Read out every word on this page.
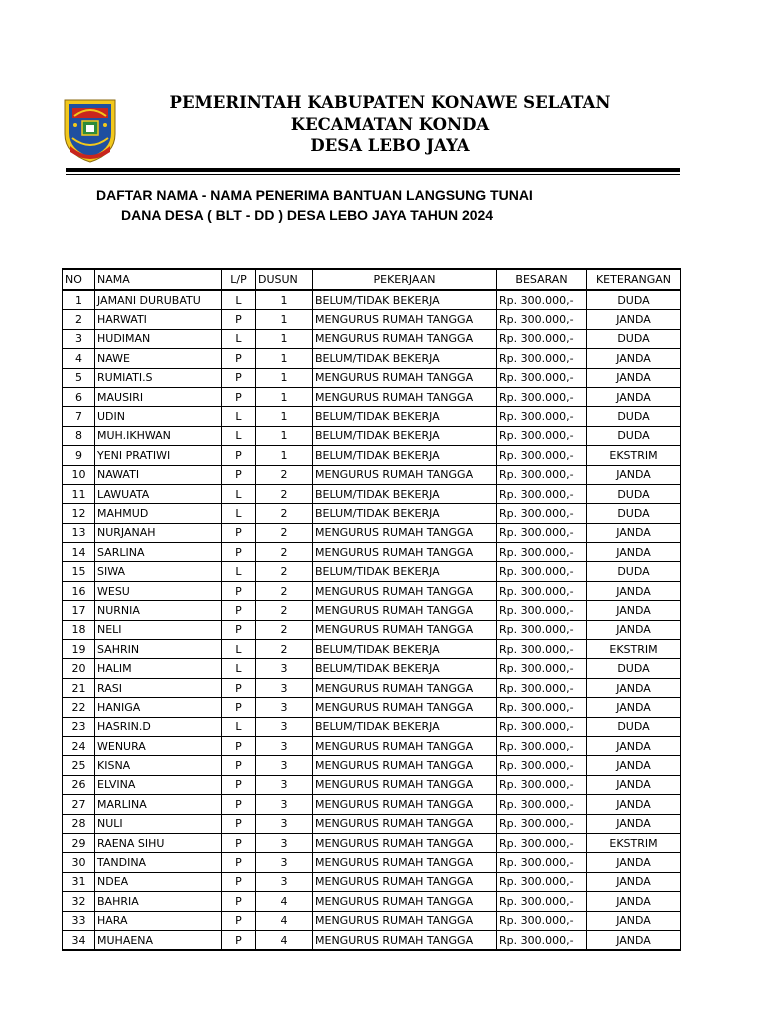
PEMERINTAH KABUPATEN KONAWE SELATAN
KECAMATAN KONDA
DESA LEBO JAYA
DAFTAR NAMA - NAMA PENERIMA BANTUAN LANGSUNG TUNAI
DANA DESA ( BLT - DD ) DESA LEBO JAYA TAHUN 2024
NO	NAMA	L/P	DUSUN	PEKERJAAN	BESARAN	KETERANGAN
1	JAMANI DURUBATU	L	1	BELUM/TIDAK BEKERJA	Rp. 300.000,-	DUDA
2	HARWATI	P	1	MENGURUS RUMAH TANGGA	Rp. 300.000,-	JANDA
3	HUDIMAN	L	1	MENGURUS RUMAH TANGGA	Rp. 300.000,-	DUDA
4	NAWE	P	1	BELUM/TIDAK BEKERJA	Rp. 300.000,-	JANDA
5	RUMIATI.S	P	1	MENGURUS RUMAH TANGGA	Rp. 300.000,-	JANDA
6	MAUSIRI	P	1	MENGURUS RUMAH TANGGA	Rp. 300.000,-	JANDA
7	UDIN	L	1	BELUM/TIDAK BEKERJA	Rp. 300.000,-	DUDA
8	MUH.IKHWAN	L	1	BELUM/TIDAK BEKERJA	Rp. 300.000,-	DUDA
9	YENI PRATIWI	P	1	BELUM/TIDAK BEKERJA	Rp. 300.000,-	EKSTRIM
10	NAWATI	P	2	MENGURUS RUMAH TANGGA	Rp. 300.000,-	JANDA
11	LAWUATA	L	2	BELUM/TIDAK BEKERJA	Rp. 300.000,-	DUDA
12	MAHMUD	L	2	BELUM/TIDAK BEKERJA	Rp. 300.000,-	DUDA
13	NURJANAH	P	2	MENGURUS RUMAH TANGGA	Rp. 300.000,-	JANDA
14	SARLINA	P	2	MENGURUS RUMAH TANGGA	Rp. 300.000,-	JANDA
15	SIWA	L	2	BELUM/TIDAK BEKERJA	Rp. 300.000,-	DUDA
16	WESU	P	2	MENGURUS RUMAH TANGGA	Rp. 300.000,-	JANDA
17	NURNIA	P	2	MENGURUS RUMAH TANGGA	Rp. 300.000,-	JANDA
18	NELI	P	2	MENGURUS RUMAH TANGGA	Rp. 300.000,-	JANDA
19	SAHRIN	L	2	BELUM/TIDAK BEKERJA	Rp. 300.000,-	EKSTRIM
20	HALIM	L	3	BELUM/TIDAK BEKERJA	Rp. 300.000,-	DUDA
21	RASI	P	3	MENGURUS RUMAH TANGGA	Rp. 300.000,-	JANDA
22	HANIGA	P	3	MENGURUS RUMAH TANGGA	Rp. 300.000,-	JANDA
23	HASRIN.D	L	3	BELUM/TIDAK BEKERJA	Rp. 300.000,-	DUDA
24	WENURA	P	3	MENGURUS RUMAH TANGGA	Rp. 300.000,-	JANDA
25	KISNA	P	3	MENGURUS RUMAH TANGGA	Rp. 300.000,-	JANDA
26	ELVINA	P	3	MENGURUS RUMAH TANGGA	Rp. 300.000,-	JANDA
27	MARLINA	P	3	MENGURUS RUMAH TANGGA	Rp. 300.000,-	JANDA
28	NULI	P	3	MENGURUS RUMAH TANGGA	Rp. 300.000,-	JANDA
29	RAENA SIHU	P	3	MENGURUS RUMAH TANGGA	Rp. 300.000,-	EKSTRIM
30	TANDINA	P	3	MENGURUS RUMAH TANGGA	Rp. 300.000,-	JANDA
31	NDEA	P	3	MENGURUS RUMAH TANGGA	Rp. 300.000,-	JANDA
32	BAHRIA	P	4	MENGURUS RUMAH TANGGA	Rp. 300.000,-	JANDA
33	HARA	P	4	MENGURUS RUMAH TANGGA	Rp. 300.000,-	JANDA
34	MUHAENA	P	4	MENGURUS RUMAH TANGGA	Rp. 300.000,-	JANDA
